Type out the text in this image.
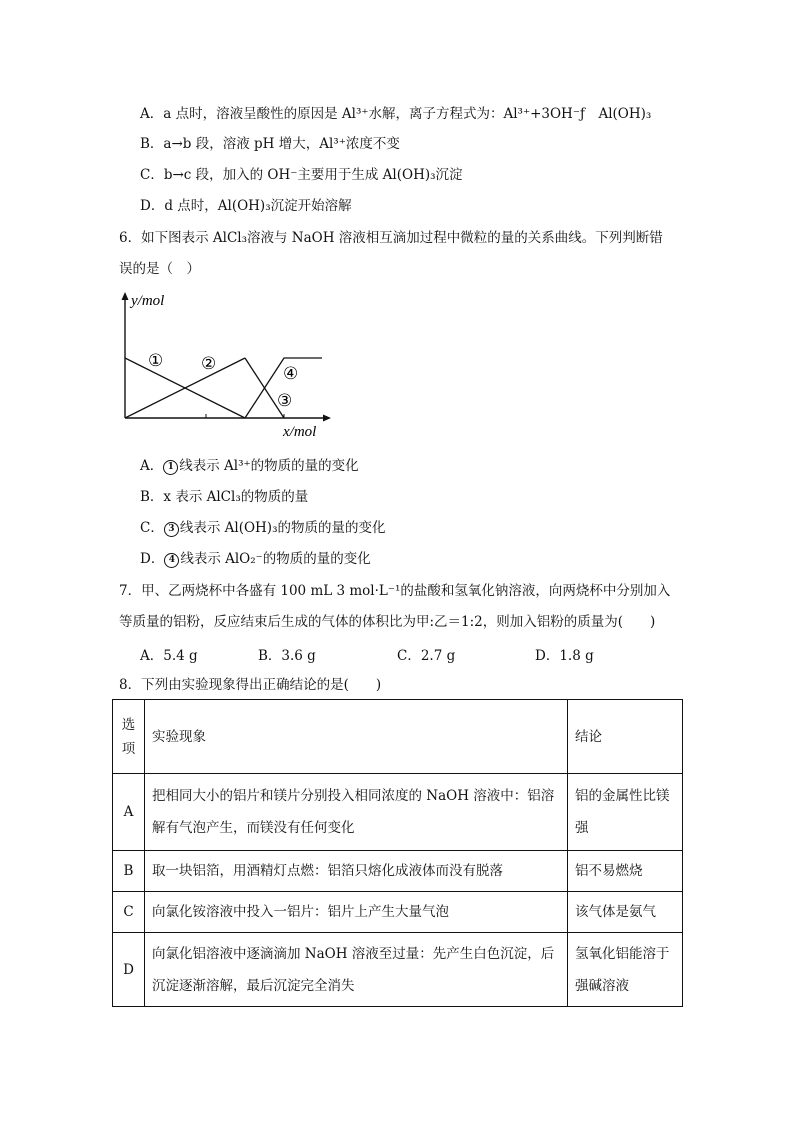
A．a 点时，溶液呈酸性的原因是 Al³⁺水解，离子方程式为：Al³⁺+3OH⁻ƒ　Al(OH)₃
B．a→b 段，溶液 pH 增大，Al³⁺浓度不变
C．b→c 段，加入的 OH⁻主要用于生成 Al(OH)₃沉淀
D．d 点时，Al(OH)₃沉淀开始溶解
6．如下图表示 AlCl₃溶液与 NaOH 溶液相互滴加过程中微粒的量的关系曲线。下列判断错
误的是（　）
y/mol
x/mol
① ②	④
③
A． 1 线表示 Al³⁺的物质的量的变化
B．x 表示 AlCl₃的物质的量
C． 3 线表示 Al(OH)₃的物质的量的变化
D． 4 线表示 AlO₂⁻的物质的量的变化
7．甲、乙两烧杯中各盛有 100 mL 3 mol·L⁻¹的盐酸和氢氧化钠溶液，向两烧杯中分别加入
等质量的铝粉，反应结束后生成的气体的体积比为甲:乙＝1:2，则加入铝粉的质量为(　　)
A．5.4 g	B．3.6 g	C．2.7 g	D．1.8 g
8．下列由实验现象得出正确结论的是(　　)
选
项	实验现象	结论
A	把相同大小的铝片和镁片分别投入相同浓度的 NaOH 溶液中：铝溶
解有气泡产生，而镁没有任何变化	铝的金属性比镁
强
B	取一块铝箔，用酒精灯点燃：铝箔只熔化成液体而没有脱落	铝不易燃烧
C	向氯化铵溶液中投入一铝片：铝片上产生大量气泡	该气体是氨气
D	向氯化铝溶液中逐滴滴加 NaOH 溶液至过量：先产生白色沉淀，后
沉淀逐渐溶解，最后沉淀完全消失	氢氧化铝能溶于
强碱溶液
